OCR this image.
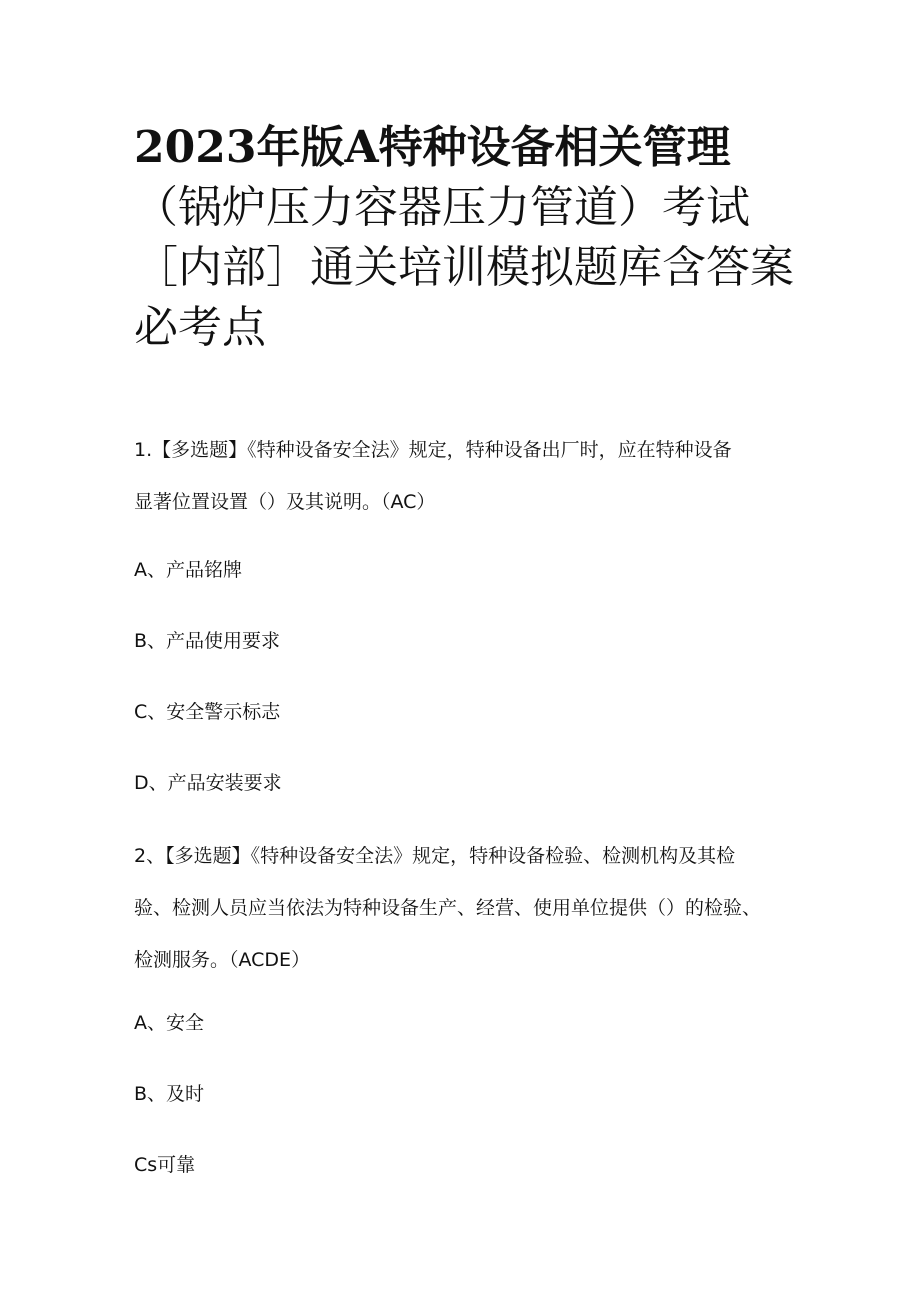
2023年版A特种设备相关管理
（锅炉压力容器压力管道）考试
［内部］通关培训模拟题库含答案
必考点
1.【多选题】《特种设备安全法》规定，特种设备出厂时，应在特种设备
显著位置设置（）及其说明。（AC）
A、产品铭牌
B、产品使用要求
C、安全警示标志
D、产品安装要求
2、【多选题】《特种设备安全法》规定，特种设备检验、检测机构及其检
验、检测人员应当依法为特种设备生产、经营、使用单位提供（）的检验、
检测服务。（ACDE）
A、安全
B、及时
Cs可靠
